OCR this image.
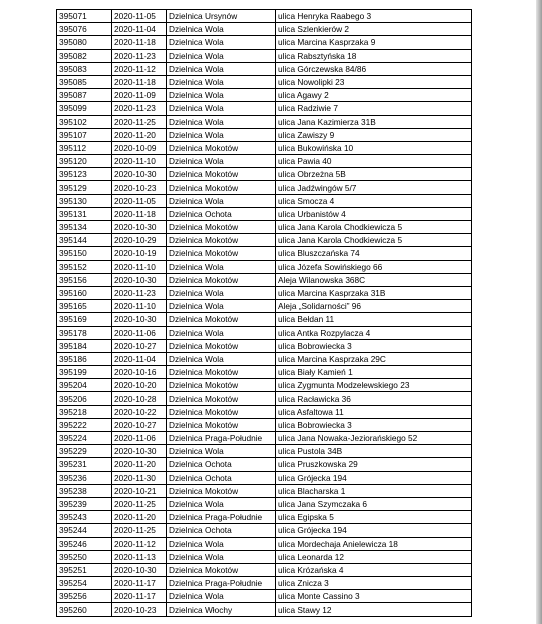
395071	2020-11-05	Dzielnica Ursynów	ulica Henryka Raabego 3
395076	2020-11-04	Dzielnica Wola	ulica Szlenkierów 2
395080	2020-11-18	Dzielnica Wola	ulica Marcina Kasprzaka 9
395082	2020-11-23	Dzielnica Wola	ulica Rabsztyńska 18
395083	2020-11-12	Dzielnica Wola	ulica Górczewska 84/86
395085	2020-11-18	Dzielnica Wola	ulica Nowolipki 23
395087	2020-11-09	Dzielnica Wola	ulica Agawy 2
395099	2020-11-23	Dzielnica Wola	ulica Radziwie 7
395102	2020-11-25	Dzielnica Wola	ulica Jana Kazimierza 31B
395107	2020-11-20	Dzielnica Wola	ulica Zawiszy 9
395112	2020-10-09	Dzielnica Mokotów	ulica Bukowińska 10
395120	2020-11-10	Dzielnica Wola	ulica Pawia 40
395123	2020-10-30	Dzielnica Mokotów	ulica Obrzeżna 5B
395129	2020-10-23	Dzielnica Mokotów	ulica Jadźwingów 5/7
395130	2020-11-05	Dzielnica Wola	ulica Smocza 4
395131	2020-11-18	Dzielnica Ochota	ulica Urbanistów 4
395134	2020-10-30	Dzielnica Mokotów	ulica Jana Karola Chodkiewicza 5
395144	2020-10-29	Dzielnica Mokotów	ulica Jana Karola Chodkiewicza 5
395150	2020-10-19	Dzielnica Mokotów	ulica Bluszczańska 74
395152	2020-11-10	Dzielnica Wola	ulica Józefa Sowińskiego 66
395156	2020-10-30	Dzielnica Mokotów	Aleja Wilanowska 368C
395160	2020-11-23	Dzielnica Wola	ulica Marcina Kasprzaka 31B
395165	2020-11-10	Dzielnica Wola	Aleja „Solidarności” 96
395169	2020-10-30	Dzielnica Mokotów	ulica Bełdan 11
395178	2020-11-06	Dzielnica Wola	ulica Antka Rozpylacza 4
395184	2020-10-27	Dzielnica Mokotów	ulica Bobrowiecka 3
395186	2020-11-04	Dzielnica Wola	ulica Marcina Kasprzaka 29C
395199	2020-10-16	Dzielnica Mokotów	ulica Biały Kamień 1
395204	2020-10-20	Dzielnica Mokotów	ulica Zygmunta Modzelewskiego 23
395206	2020-10-28	Dzielnica Mokotów	ulica Racławicka 36
395218	2020-10-22	Dzielnica Mokotów	ulica Asfaltowa 11
395222	2020-10-27	Dzielnica Mokotów	ulica Bobrowiecka 3
395224	2020-11-06	Dzielnica Praga-Południe	ulica Jana Nowaka-Jeziorańskiego 52
395229	2020-10-30	Dzielnica Wola	ulica Pustola 34B
395231	2020-11-20	Dzielnica Ochota	ulica Pruszkowska 29
395236	2020-11-30	Dzielnica Ochota	ulica Grójecka 194
395238	2020-10-21	Dzielnica Mokotów	ulica Blacharska 1
395239	2020-11-25	Dzielnica Wola	ulica Jana Szymczaka 6
395243	2020-11-20	Dzielnica Praga-Południe	ulica Egipska 5
395244	2020-11-25	Dzielnica Ochota	ulica Grójecka 194
395246	2020-11-12	Dzielnica Wola	ulica Mordechaja Anielewicza 18
395250	2020-11-13	Dzielnica Wola	ulica Leonarda 12
395251	2020-10-30	Dzielnica Mokotów	ulica Krózańska 4
395254	2020-11-17	Dzielnica Praga-Południe	ulica Znicza 3
395256	2020-11-17	Dzielnica Wola	ulica Monte Cassino 3
395260	2020-10-23	Dzielnica Włochy	ulica Stawy 12
